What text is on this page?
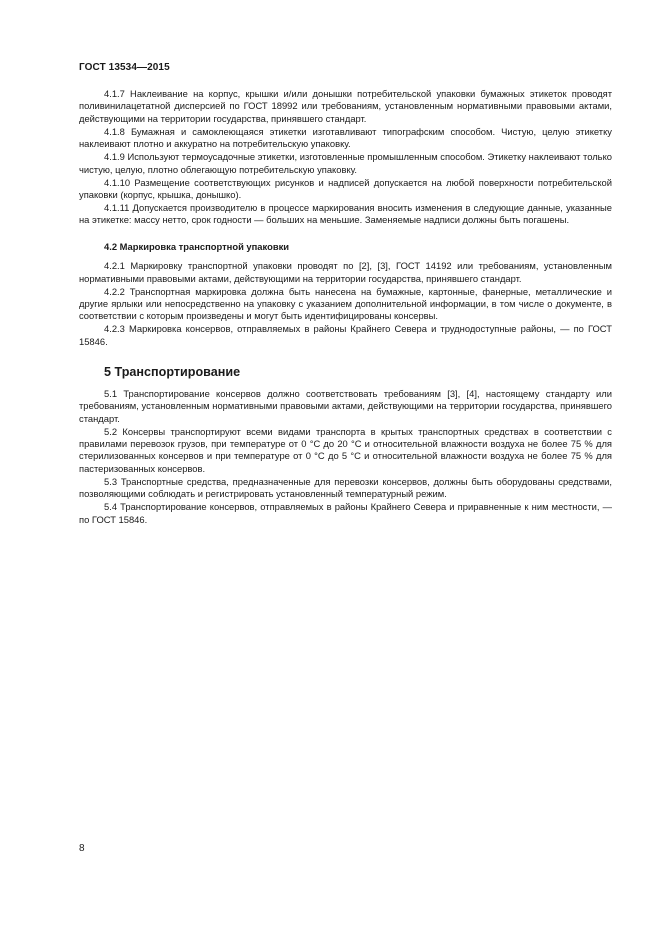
ГОСТ 13534—2015

4.1.7 Наклеивание на корпус, крышки и/или донышки потребительской упаковки бумажных этикеток проводят поливинилацетатной дисперсией по ГОСТ 18992 или требованиям, установленным нормативными правовыми актами, действующими на территории государства, принявшего стандарт.

4.1.8 Бумажная и самоклеющаяся этикетки изготавливают типографским способом. Чистую, целую этикетку наклеивают плотно и аккуратно на потребительскую упаковку.

4.1.9 Используют термоусадочные этикетки, изготовленные промышленным способом. Этикетку наклеивают только чистую, целую, плотно облегающую потребительскую упаковку.

4.1.10 Размещение соответствующих рисунков и надписей допускается на любой поверхности потребительской упаковки (корпус, крышка, донышко).

4.1.11 Допускается производителю в процессе маркирования вносить изменения в следующие данные, указанные на этикетке: массу нетто, срок годности — больших на меньшие. Заменяемые надписи должны быть погашены.

4.2 Маркировка транспортной упаковки

4.2.1 Маркировку транспортной упаковки проводят по [2], [3], ГОСТ 14192 или требованиям, установленным нормативными правовыми актами, действующими на территории государства, принявшего стандарт.

4.2.2 Транспортная маркировка должна быть нанесена на бумажные, картонные, фанерные, металлические и другие ярлыки или непосредственно на упаковку с указанием дополнительной информации, в том числе о документе, в соответствии с которым произведены и могут быть идентифицированы консервы.

4.2.3 Маркировка консервов, отправляемых в районы Крайнего Севера и труднодоступные районы, — по ГОСТ 15846.

5 Транспортирование

5.1 Транспортирование консервов должно соответствовать требованиям [3], [4], настоящему стандарту или требованиям, установленным нормативными правовыми актами, действующими на территории государства, принявшего стандарт.

5.2 Консервы транспортируют всеми видами транспорта в крытых транспортных средствах в соответствии с правилами перевозок грузов, при температуре от 0 °C до 20 °C и относительной влажности воздуха не более 75 % для стерилизованных консервов и при температуре от 0 °C до 5 °C и относительной влажности воздуха не более 75 % для пастеризованных консервов.

5.3 Транспортные средства, предназначенные для перевозки консервов, должны быть оборудованы средствами, позволяющими соблюдать и регистрировать установленный температурный режим.

5.4 Транспортирование консервов, отправляемых в районы Крайнего Севера и приравненные к ним местности, — по ГОСТ 15846.

8
